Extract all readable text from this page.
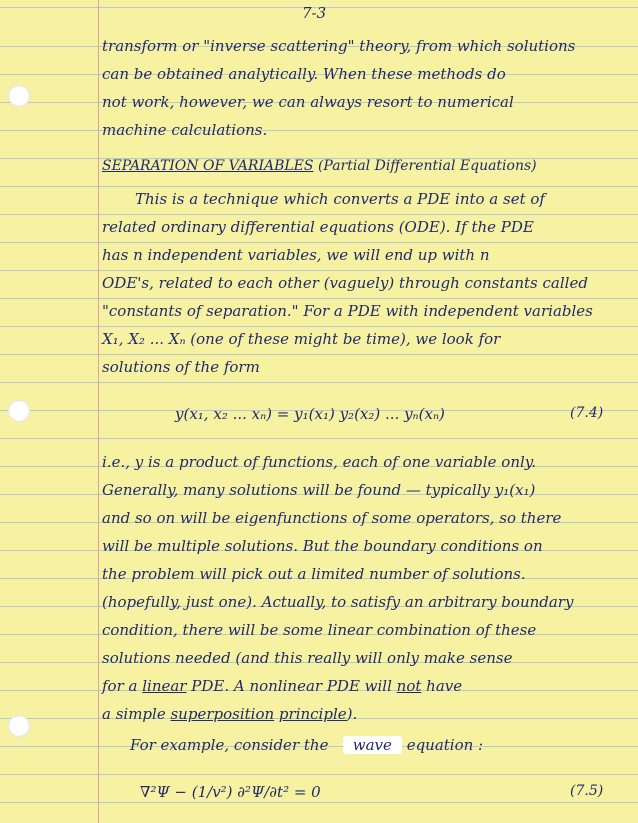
7-3
transform or "inverse scattering" theory, from which solutions
can be obtained analytically. When these methods do
not work, however, we can always resort to numerical
machine calculations.
SEPARATION OF VARIABLES (Partial Differential Equations)
This is a technique which converts a PDE into a set of
related ordinary differential equations (ODE). If the PDE
has n independent variables, we will end up with n
ODE's, related to each other (vaguely) through constants called
"constants of separation." For a PDE with independent variables
X₁, X₂ ... Xₙ (one of these might be time), we look for
solutions of the form
y(x₁, x₂ ... xₙ) = y₁(x₁) y₂(x₂) ... yₙ(xₙ)	(7.4)
i.e., y is a product of functions, each of one variable only.
Generally, many solutions will be found — typically y₁(x₁)
and so on will be eigenfunctions of some operators, so there
will be multiple solutions. But the boundary conditions on
the problem will pick out a limited number of solutions.
(hopefully, just one). Actually, to satisfy an arbitrary boundary
condition, there will be some linear combination of these
solutions needed (and this really will only make sense
for a linear PDE. A nonlinear PDE will not have
a simple superposition principle).
For example, consider the wave equation :
∇²Ψ − (1/v²) ∂²Ψ/∂t² = 0	(7.5)
